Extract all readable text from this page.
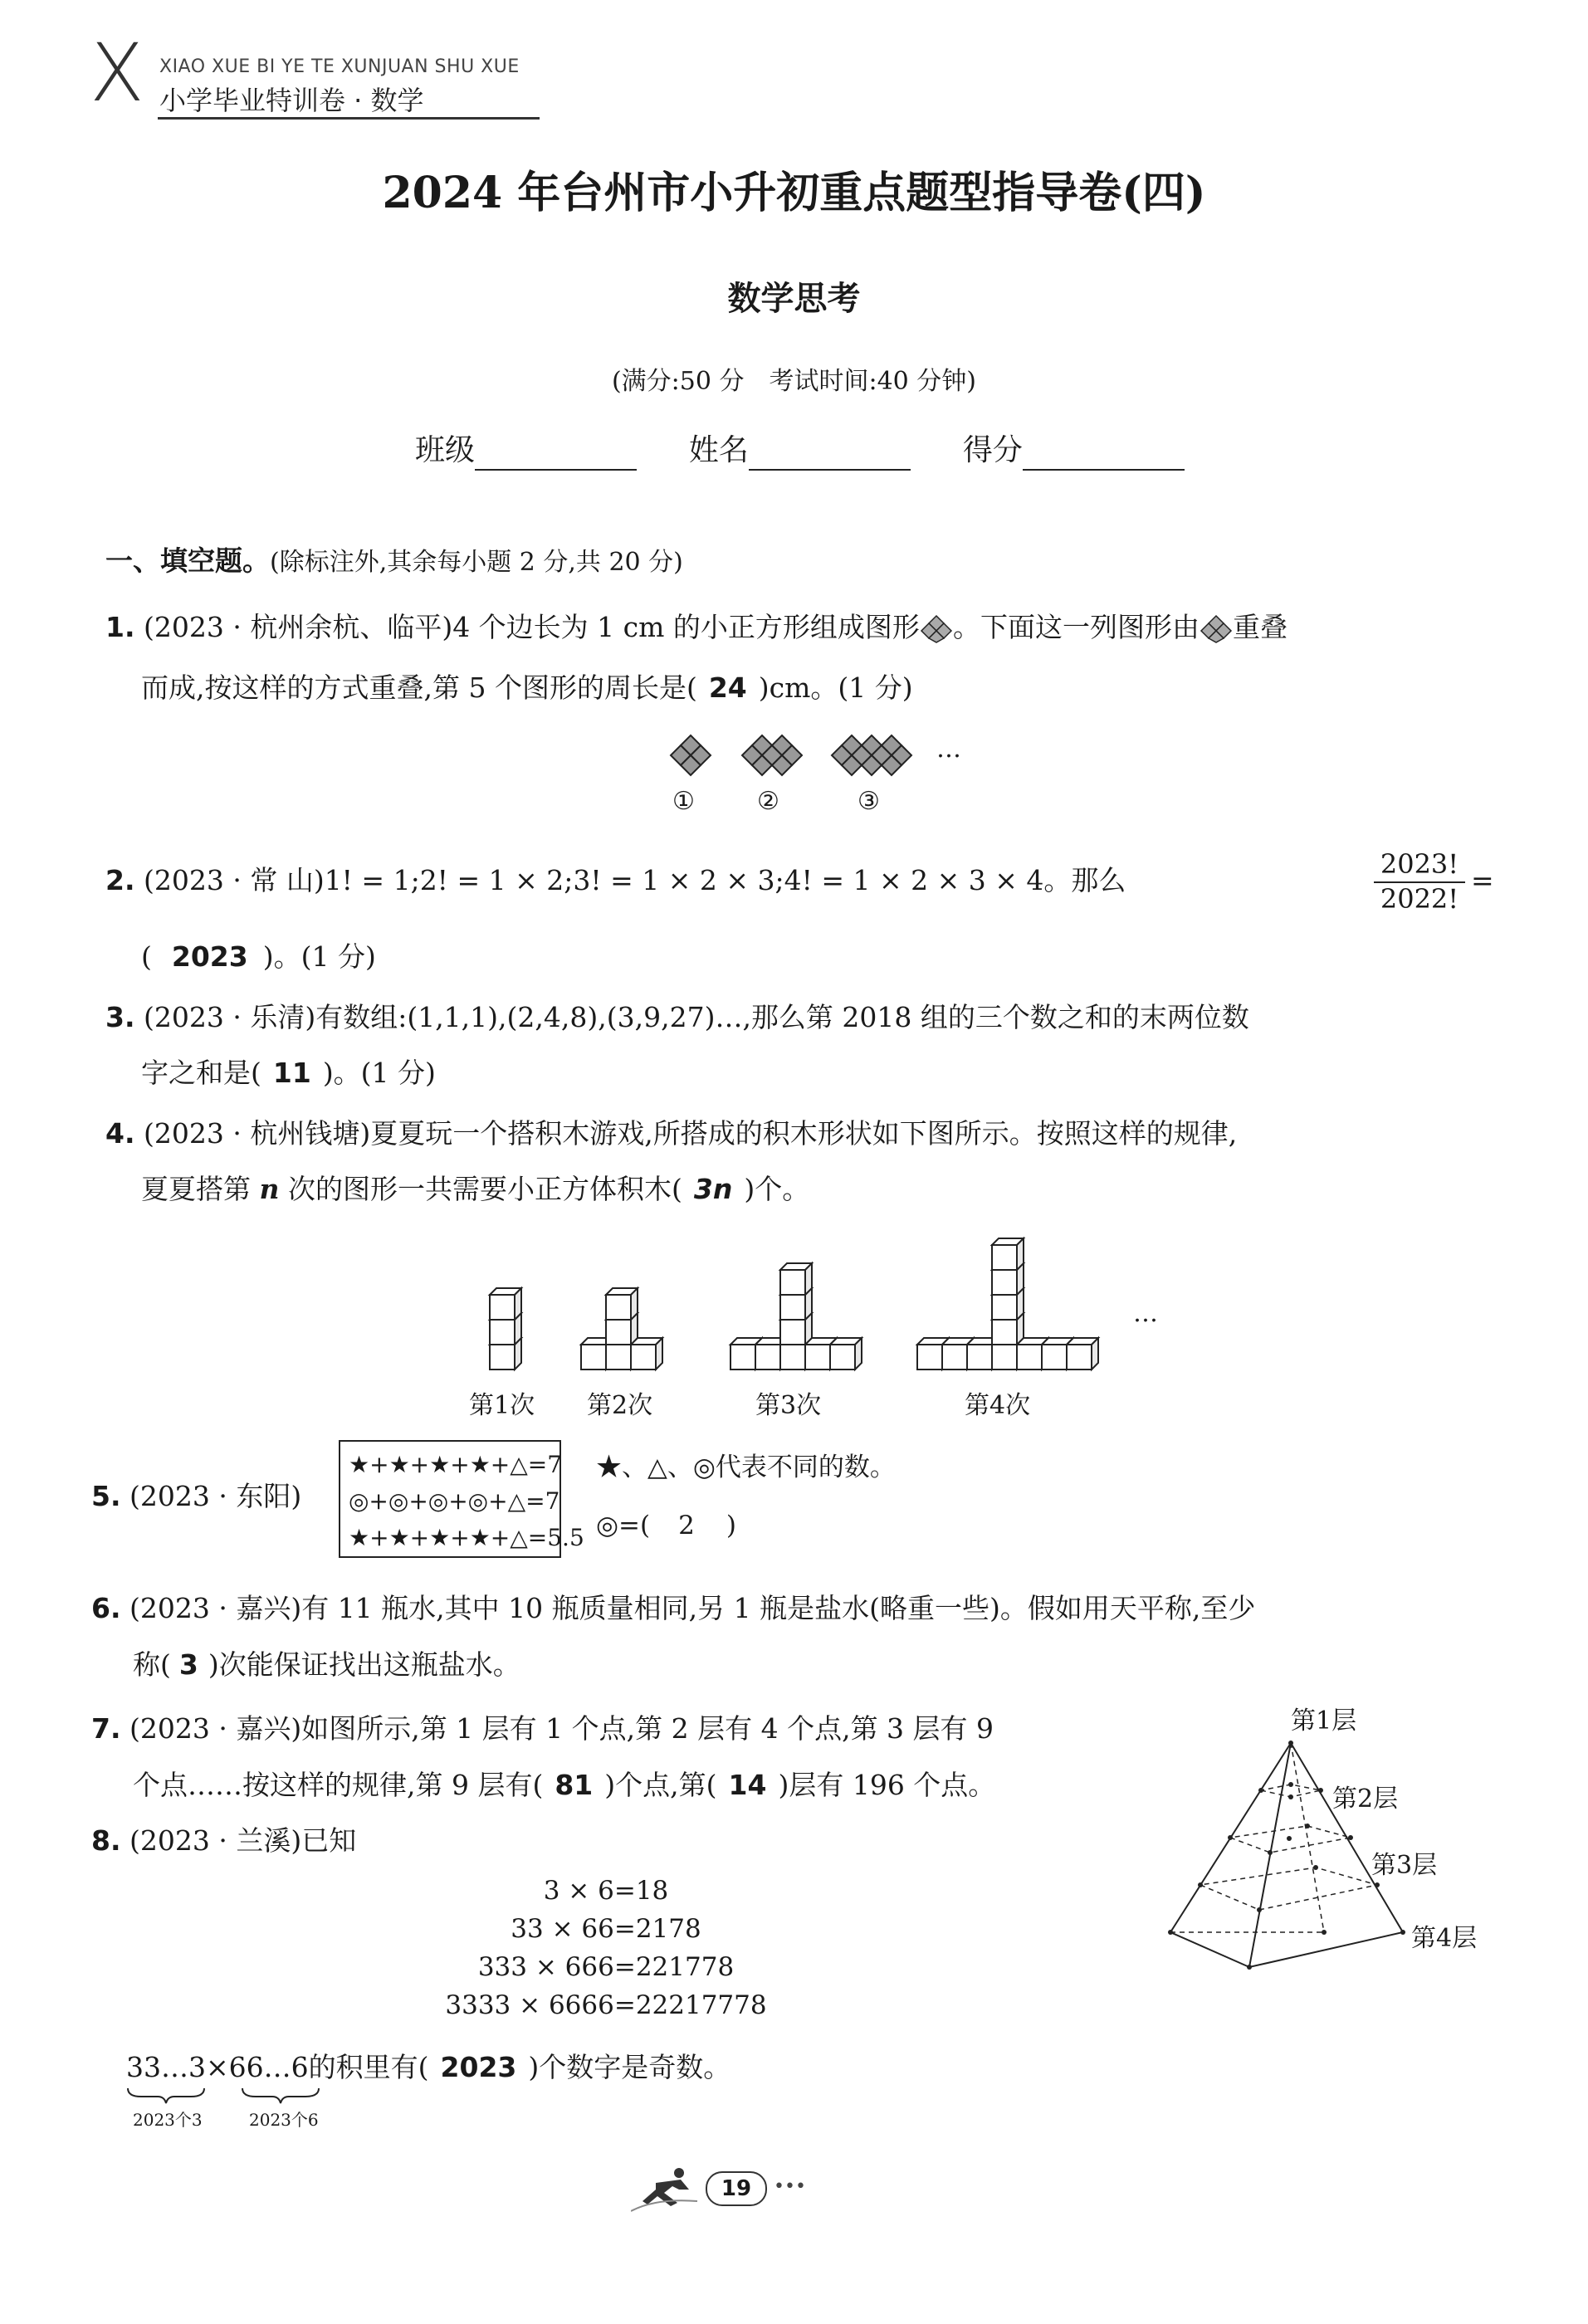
X XIAO XUE BI YE TE XUNJUAN SHU XUE
小学毕业特训卷 · 数学
2024 年台州市小升初重点题型指导卷(四)
数学思考
(满分:50 分　考试时间:40 分钟)
班级	姓名	得分
一、填空题。(除标注外,其余每小题 2 分,共 20 分)
1. (2023 · 杭州余杭、临平)4 个边长为 1 cm 的小正方形组成图形 。下面这一列图形由 重叠
而成,按这样的方式重叠,第 5 个图形的周长是( 24 )cm。(1 分)
…
①	②	③
2. (2023 · 常 山)1! = 1;2! = 1 × 2;3! = 1 × 2 × 3;4! = 1 × 2 × 3 × 4。那么	$\frac{2023!}{2022!}$ =
( 2023 )。(1 分)
3. (2023 · 乐清)有数组:(1,1,1),(2,4,8),(3,9,27)…,那么第 2018 组的三个数之和的末两位数
字之和是( 11 )。(1 分)
4. (2023 · 杭州钱塘)夏夏玩一个搭积木游戏,所搭成的积木形状如下图所示。按照这样的规律,
夏夏搭第 n 次的图形一共需要小正方体积木( 3n )个。
…
第1次 第2次	第3次	第4次
5. (2023 · 东阳)
★+★+★+★+△=7
◎+◎+◎+◎+△=7
★+★+★+★+△=5.5
★、△、◎代表不同的数。
◎=( 2 )
6. (2023 · 嘉兴)有 11 瓶水,其中 10 瓶质量相同,另 1 瓶是盐水(略重一些)。假如用天平称,至少
称( 3 )次能保证找出这瓶盐水。
7. (2023 · 嘉兴)如图所示,第 1 层有 1 个点,第 2 层有 4 个点,第 3 层有 9
个点……按这样的规律,第 9 层有( 81 )个点,第( 14 )层有 196 个点。
第1层
第2层
第3层
第4层
8. (2023 · 兰溪)已知
3 × 6=18
33 × 66=2178
333 × 666=221778
3333 × 6666=22217778
33…3×66…6的积里有( 2023 )个数字是奇数。
2023个3	2023个6
19	•••
